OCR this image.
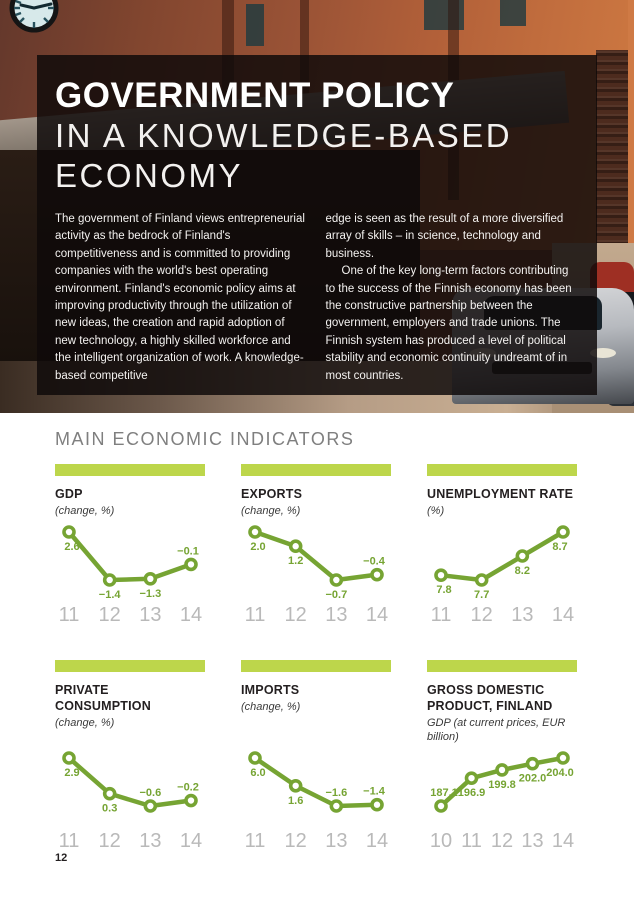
GOVERNMENT POLICY
IN A KNOWLEDGE-BASED
ECONOMY

The government of Finland views entrepreneurial activity as the bedrock of Finland's competitiveness and is committed to providing companies with the world's best operating environment. Finland's economic policy aims at improving productivity through the utilization of new ideas, the creation and rapid adoption of new technology, a highly skilled workforce and the intelligent organization of work. A knowledge-based competitive

edge is seen as the result of a more diversified array of skills – in science, technology and business.

One of the key long-term factors contributing to the success of the Finnish economy has been the constructive partnership between the government, employers and trade unions. The Finnish system has produced a level of political stability and economic continuity undreamt of in most countries.

MAIN ECONOMIC INDICATORS
GDP
(change, %)
2.6
−1.4 −1.3
−0.1
11 12 13 14
EXPORTS
(change, %)
2.0
1.2
−0.7
−0.4
11 12 13 14
UNEMPLOYMENT RATE
(%)
7.8 7.7
8.2
8.7
11 12 13 14
PRIVATE CONSUMPTION
(change, %)
2.9
0.3
−0.6 −0.2
11 12 13 14
IMPORTS
(change, %)
6.0
1.6
−1.6 −1.4
11 12 13 14
GROSS DOMESTIC PRODUCT, FINLAND
GDP (at current prices, EUR billion)
187.1 196.9
199.8
202.0 204.0
10 11 12 13 14
12
